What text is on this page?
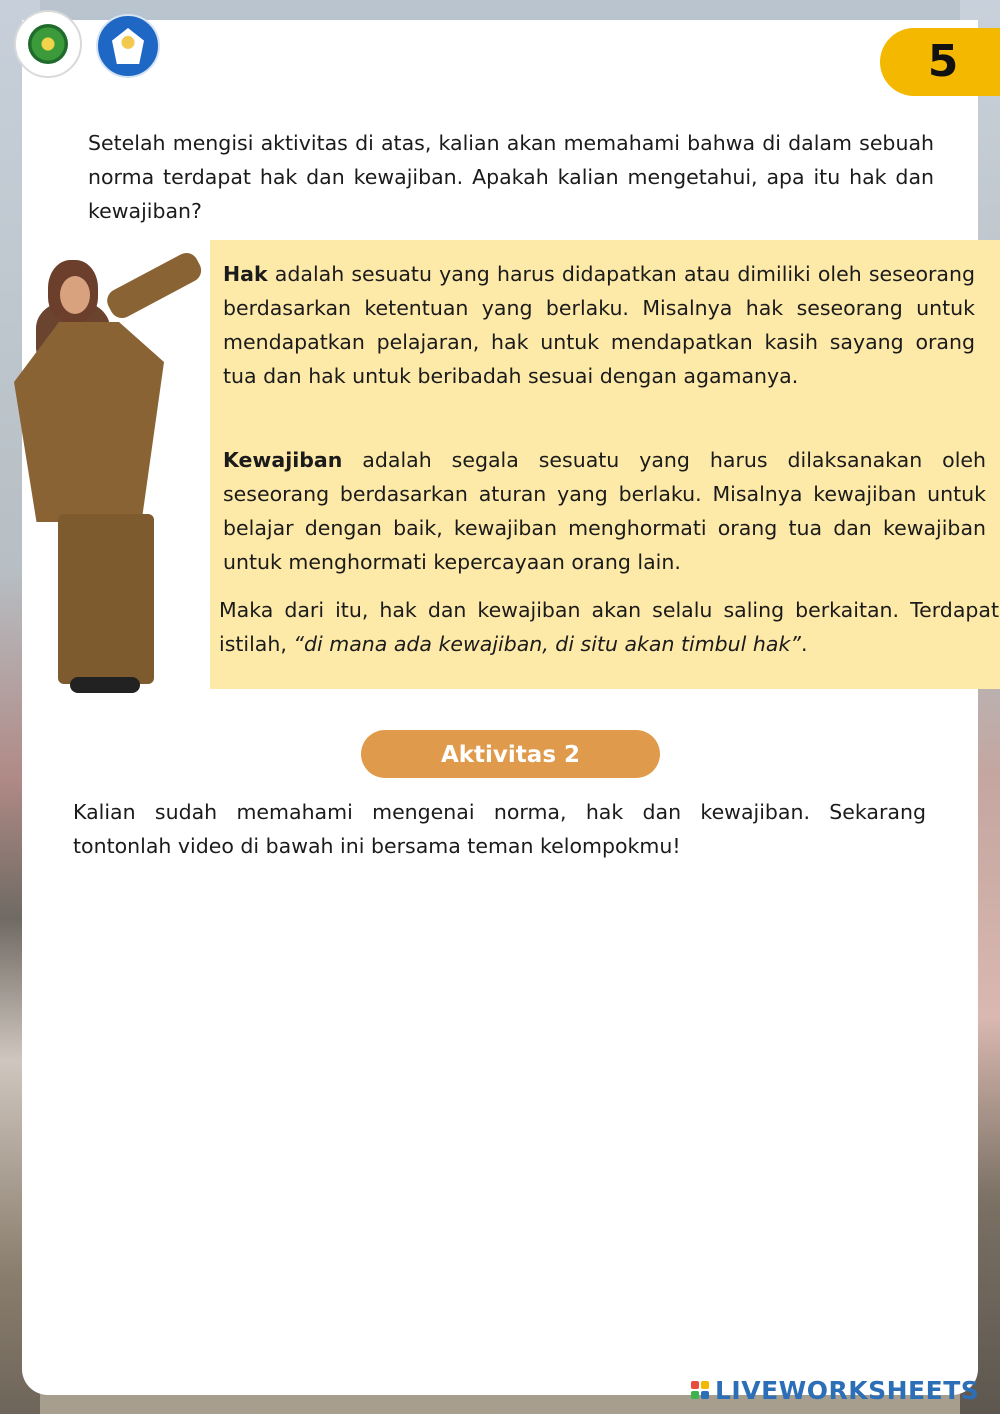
5

Setelah mengisi aktivitas di atas, kalian akan memahami bahwa di dalam sebuah norma terdapat hak dan kewajiban. Apakah kalian mengetahui, apa itu hak dan kewajiban?

Hak adalah sesuatu yang harus didapatkan atau dimiliki oleh seseorang berdasarkan ketentuan yang berlaku. Misalnya hak seseorang untuk mendapatkan pelajaran, hak untuk mendapatkan kasih sayang orang tua dan hak untuk beribadah sesuai dengan agamanya.

Kewajiban adalah segala sesuatu yang harus dilaksanakan oleh seseorang berdasarkan aturan yang berlaku. Misalnya kewajiban untuk belajar dengan baik, kewajiban menghormati orang tua dan kewajiban untuk menghormati kepercayaan orang lain.

Maka dari itu, hak dan kewajiban akan selalu saling berkaitan. Terdapat istilah, “di mana ada kewajiban, di situ akan timbul hak”.

Aktivitas 2

Kalian sudah memahami mengenai norma, hak dan kewajiban. Sekarang tontonlah video di bawah ini bersama teman kelompokmu!

LIVEWORKSHEETS
